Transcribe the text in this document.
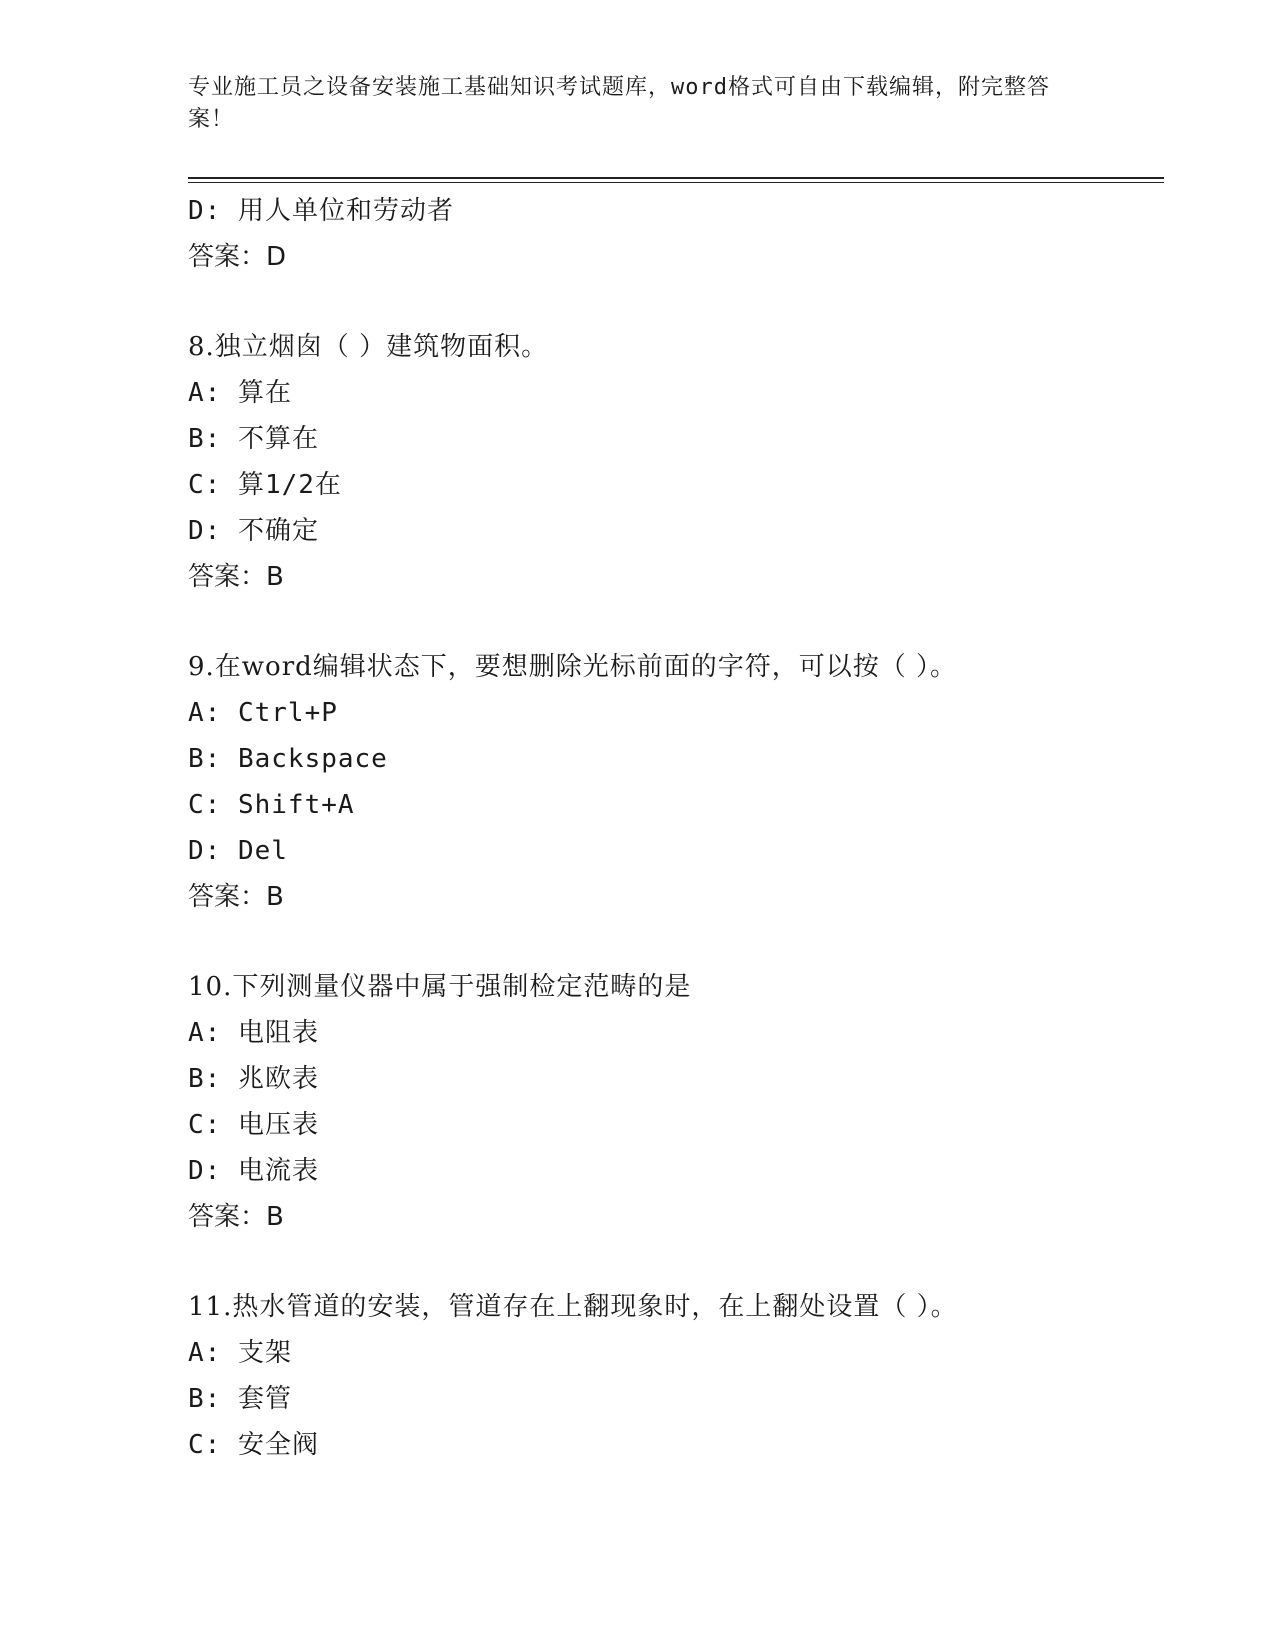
专业施工员之设备安装施工基础知识考试题库，word格式可自由下载编辑，附完整答案！
D: 用人单位和劳动者
答案：D
8.独立烟囱（ ）建筑物面积。
A: 算在
B: 不算在
C: 算1/2在
D: 不确定
答案：B
9.在word编辑状态下，要想删除光标前面的字符，可以按（ ）。
A: Ctrl+P
B: Backspace
C: Shift+A
D: Del
答案：B
10.下列测量仪器中属于强制检定范畴的是
A: 电阻表
B: 兆欧表
C: 电压表
D: 电流表
答案：B
11.热水管道的安装，管道存在上翻现象时，在上翻处设置（ ）。
A: 支架
B: 套管
C: 安全阀
